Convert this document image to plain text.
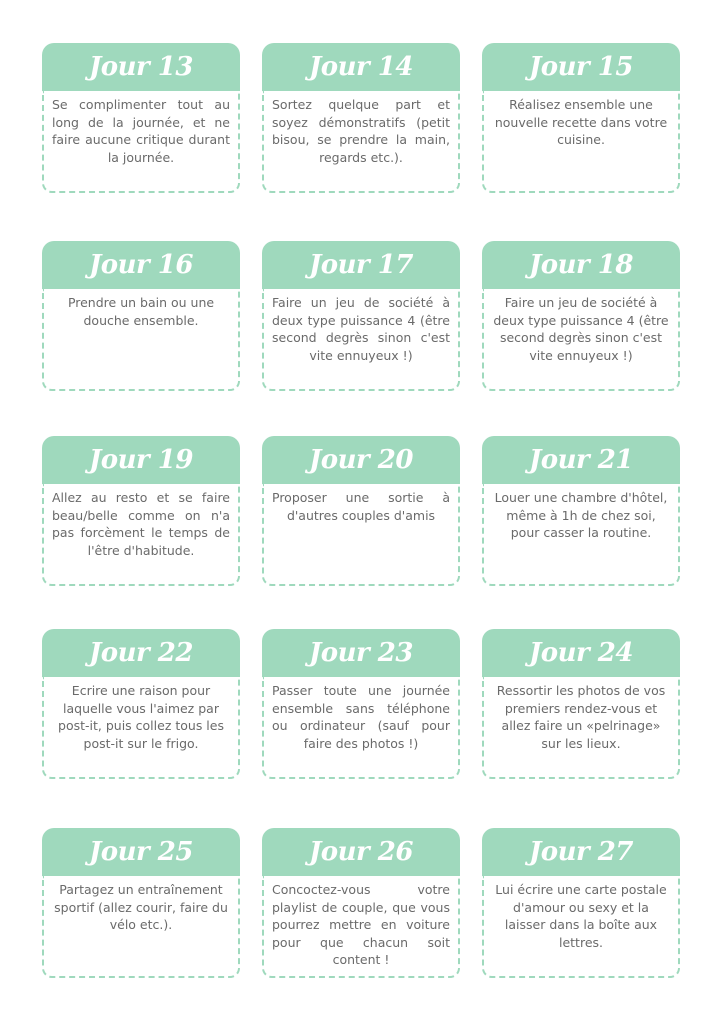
Jour 13
Se complimenter tout au long de la journée, et ne faire aucune critique durant la journée.
Jour 14
Sortez quelque part et soyez démonstratifs (petit bisou, se prendre la main, regards etc.).
Jour 15
Réalisez ensemble une nouvelle recette dans votre cuisine.
Jour 16
Prendre un bain ou une douche ensemble.
Jour 17
Faire un jeu de société à deux type puissance 4 (être second degrès sinon c'est vite ennuyeux !)
Jour 18
Faire un jeu de société à deux type puissance 4 (être second degrès sinon c'est vite ennuyeux !)
Jour 19
Allez au resto et se faire beau/belle comme on n'a pas forcèment le temps de l'être d'habitude.
Jour 20
Proposer une sortie à d'autres couples d'amis
Jour 21
Louer une chambre d'hôtel, même à 1h de chez soi, pour casser la routine.
Jour 22
Ecrire une raison pour laquelle vous l'aimez par post-it, puis collez tous les post-it sur le frigo.
Jour 23
Passer toute une journée ensemble sans téléphone ou ordinateur (sauf pour faire des photos !)
Jour 24
Ressortir les photos de vos premiers rendez-vous et allez faire un «pelrinage» sur les lieux.
Jour 25
Partagez un entraînement sportif (allez courir, faire du vélo etc.).
Jour 26
Concoctez-vous votre playlist de couple, que vous pourrez mettre en voiture pour que chacun soit content !
Jour 27
Lui écrire une carte postale d'amour ou sexy et la laisser dans la boîte aux lettres.
